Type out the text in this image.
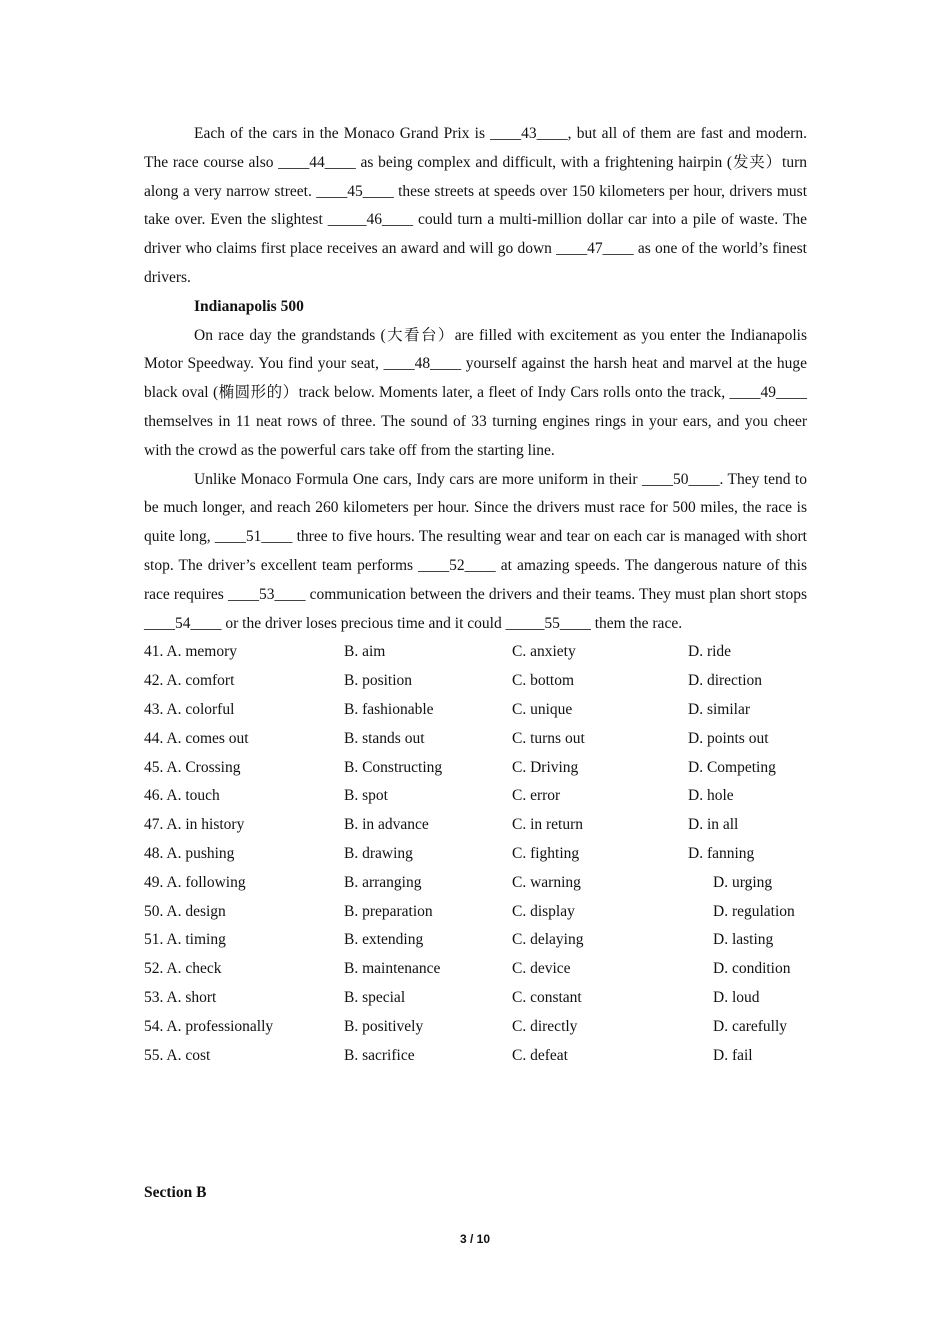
Each of the cars in the Monaco Grand Prix is ____43____, but all of them are fast and modern. The race course also ____44____ as being complex and difficult, with a frightening hairpin (发夹）turn along a very narrow street. ____45____ these streets at speeds over 150 kilometers per hour, drivers must take over. Even the slightest _____46____ could turn a multi-million dollar car into a pile of waste. The driver who claims first place receives an award and will go down ____47____ as one of the world’s finest drivers.

Indianapolis 500

On race day the grandstands (大看台）are filled with excitement as you enter the Indianapolis Motor Speedway. You find your seat, ____48____ yourself against the harsh heat and marvel at the huge black oval (椭圆形的）track below. Moments later, a fleet of Indy Cars rolls onto the track, ____49____ themselves in 11 neat rows of three. The sound of 33 turning engines rings in your ears, and you cheer with the crowd as the powerful cars take off from the starting line.

Unlike Monaco Formula One cars, Indy cars are more uniform in their ____50____. They tend to be much longer, and reach 260 kilometers per hour. Since the drivers must race for 500 miles, the race is quite long, ____51____ three to five hours. The resulting wear and tear on each car is managed with short stop. The driver’s excellent team performs ____52____ at amazing speeds. The dangerous nature of this race requires ____53____ communication between the drivers and their teams. They must plan short stops ____54____ or the driver loses precious time and it could _____55____ them the race.

41. A. memory	B. aim	C. anxiety	D. ride
42. A. comfort	B. position	C. bottom	D. direction
43. A. colorful	B. fashionable	C. unique	D. similar
44. A. comes out	B. stands out	C. turns out	D. points out
45. A. Crossing	B. Constructing	C. Driving	D. Competing
46. A. touch	B. spot	C. error	D. hole
47. A. in history	B. in advance	C. in return	D. in all
48. A. pushing	B. drawing	C. fighting	D. fanning
49. A. following	B. arranging	C. warning	D. urging
50. A. design	B. preparation	C. display	D. regulation
51. A. timing	B. extending	C. delaying	D. lasting
52. A. check	B. maintenance	C. device	D. condition
53. A. short	B. special	C. constant	D. loud
54. A. professionally	B. positively	C. directly	D. carefully
55. A. cost	B. sacrifice	C. defeat	D. fail
Section B
3 / 10
